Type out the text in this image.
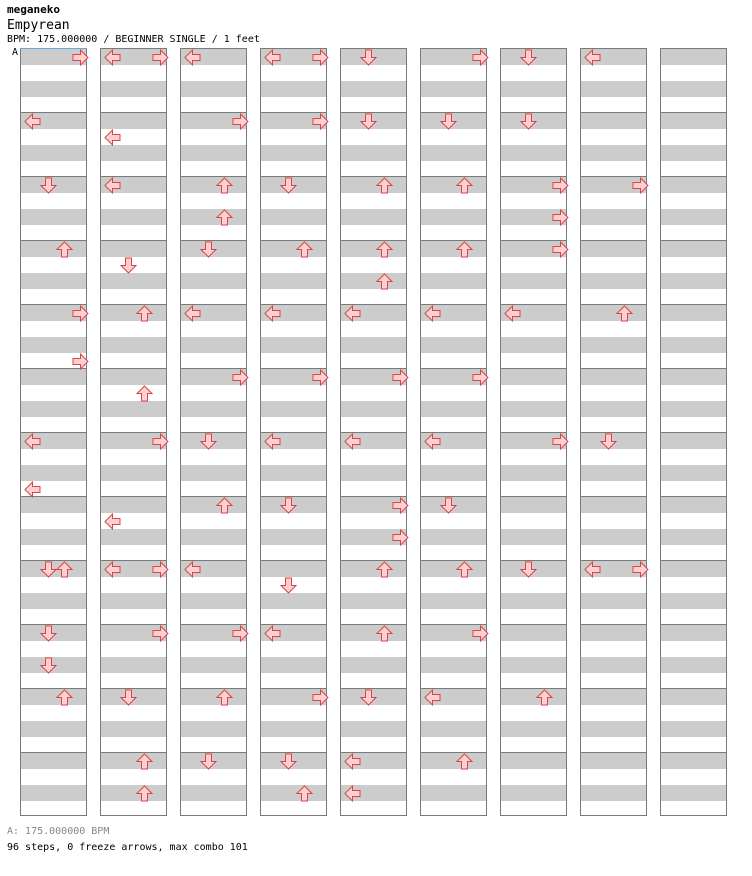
meganeko
Empyrean
BPM: 175.000000 / BEGINNER SINGLE / 1 feet
A
A: 175.000000 BPM
96 steps, 0 freeze arrows, max combo 101
